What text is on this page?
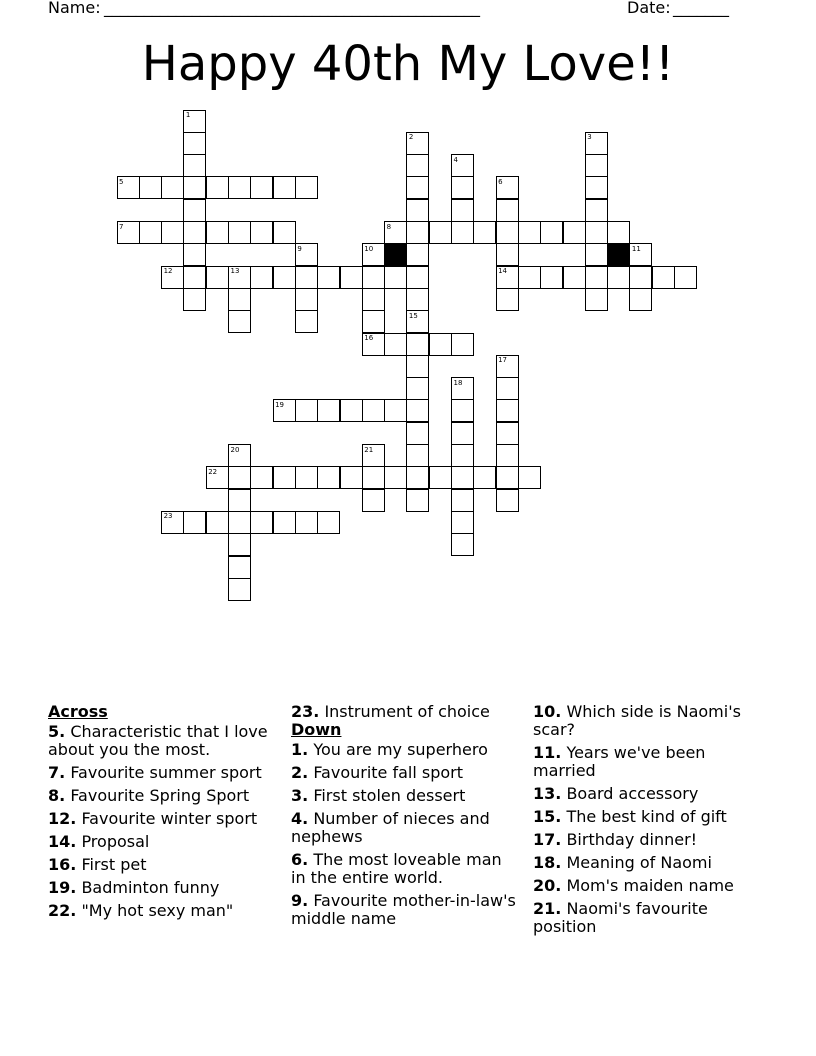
Name: _______________________________________________	Date: _______
Happy 40th My Love!!
1
2	3
4
5	6
14
7	8
9	10
16
11
12	13
15
17
18
19
20	21
22
23
Across
5. Characteristic that I love about you the most.
7. Favourite summer sport
8. Favourite Spring Sport
12. Favourite winter sport
14. Proposal
16. First pet
19. Badminton funny
22. "My hot sexy man"
23. Instrument of choice
Down
1. You are my superhero
2. Favourite fall sport
3. First stolen dessert
4. Number of nieces and nephews
6. The most loveable man in the entire world.
9. Favourite mother-in-law's middle name
10. Which side is Naomi's scar?
11. Years we've been married
13. Board accessory
15. The best kind of gift
17. Birthday dinner!
18. Meaning of Naomi
20. Mom's maiden name
21. Naomi's favourite position
